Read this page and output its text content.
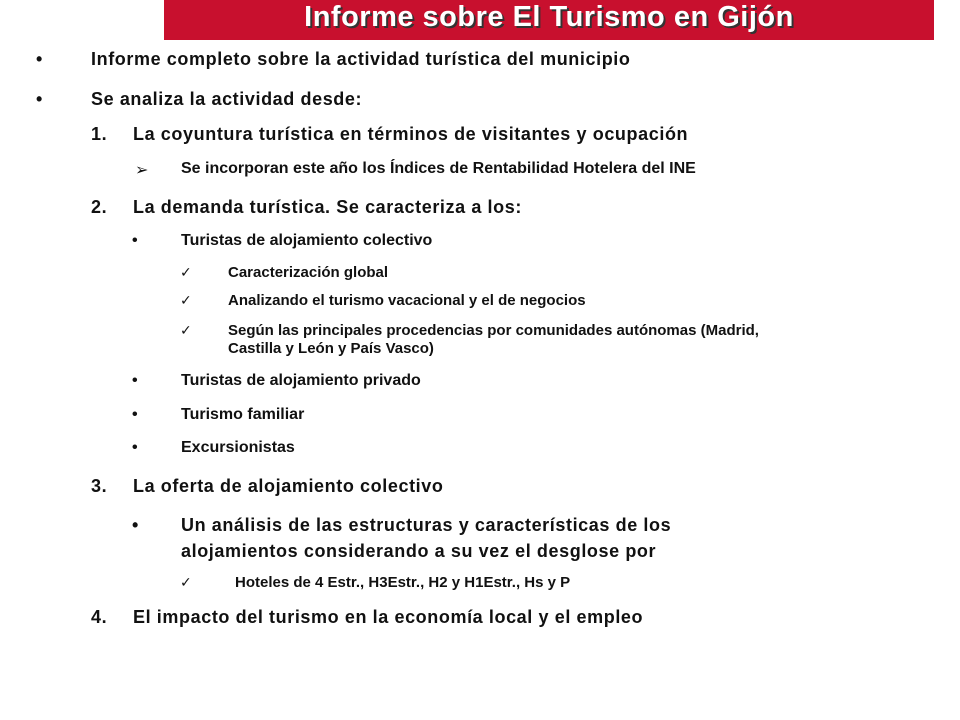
Informe sobre El Turismo en Gijón
•	Informe completo sobre la actividad turística del municipio
•	Se analiza la actividad desde:
1. La coyuntura turística en términos de visitantes y ocupación
➢ Se incorporan este año los Índices de Rentabilidad Hotelera del INE
2. La demanda turística. Se caracteriza a los:
•	Turistas de alojamiento colectivo
✓ Caracterización global
✓ Analizando el turismo vacacional y el de negocios
✓ Según las principales procedencias por comunidades autónomas (Madrid,
Castilla y León y País Vasco)
•	Turistas de alojamiento privado
•	Turismo familiar
•	Excursionistas
3. La oferta de alojamiento colectivo
• Un análisis de las estructuras y características de los
alojamientos considerando a su vez el desglose por
✓	Hoteles de 4 Estr., H3Estr., H2 y H1Estr., Hs y P
4. El impacto del turismo en la economía local y el empleo
